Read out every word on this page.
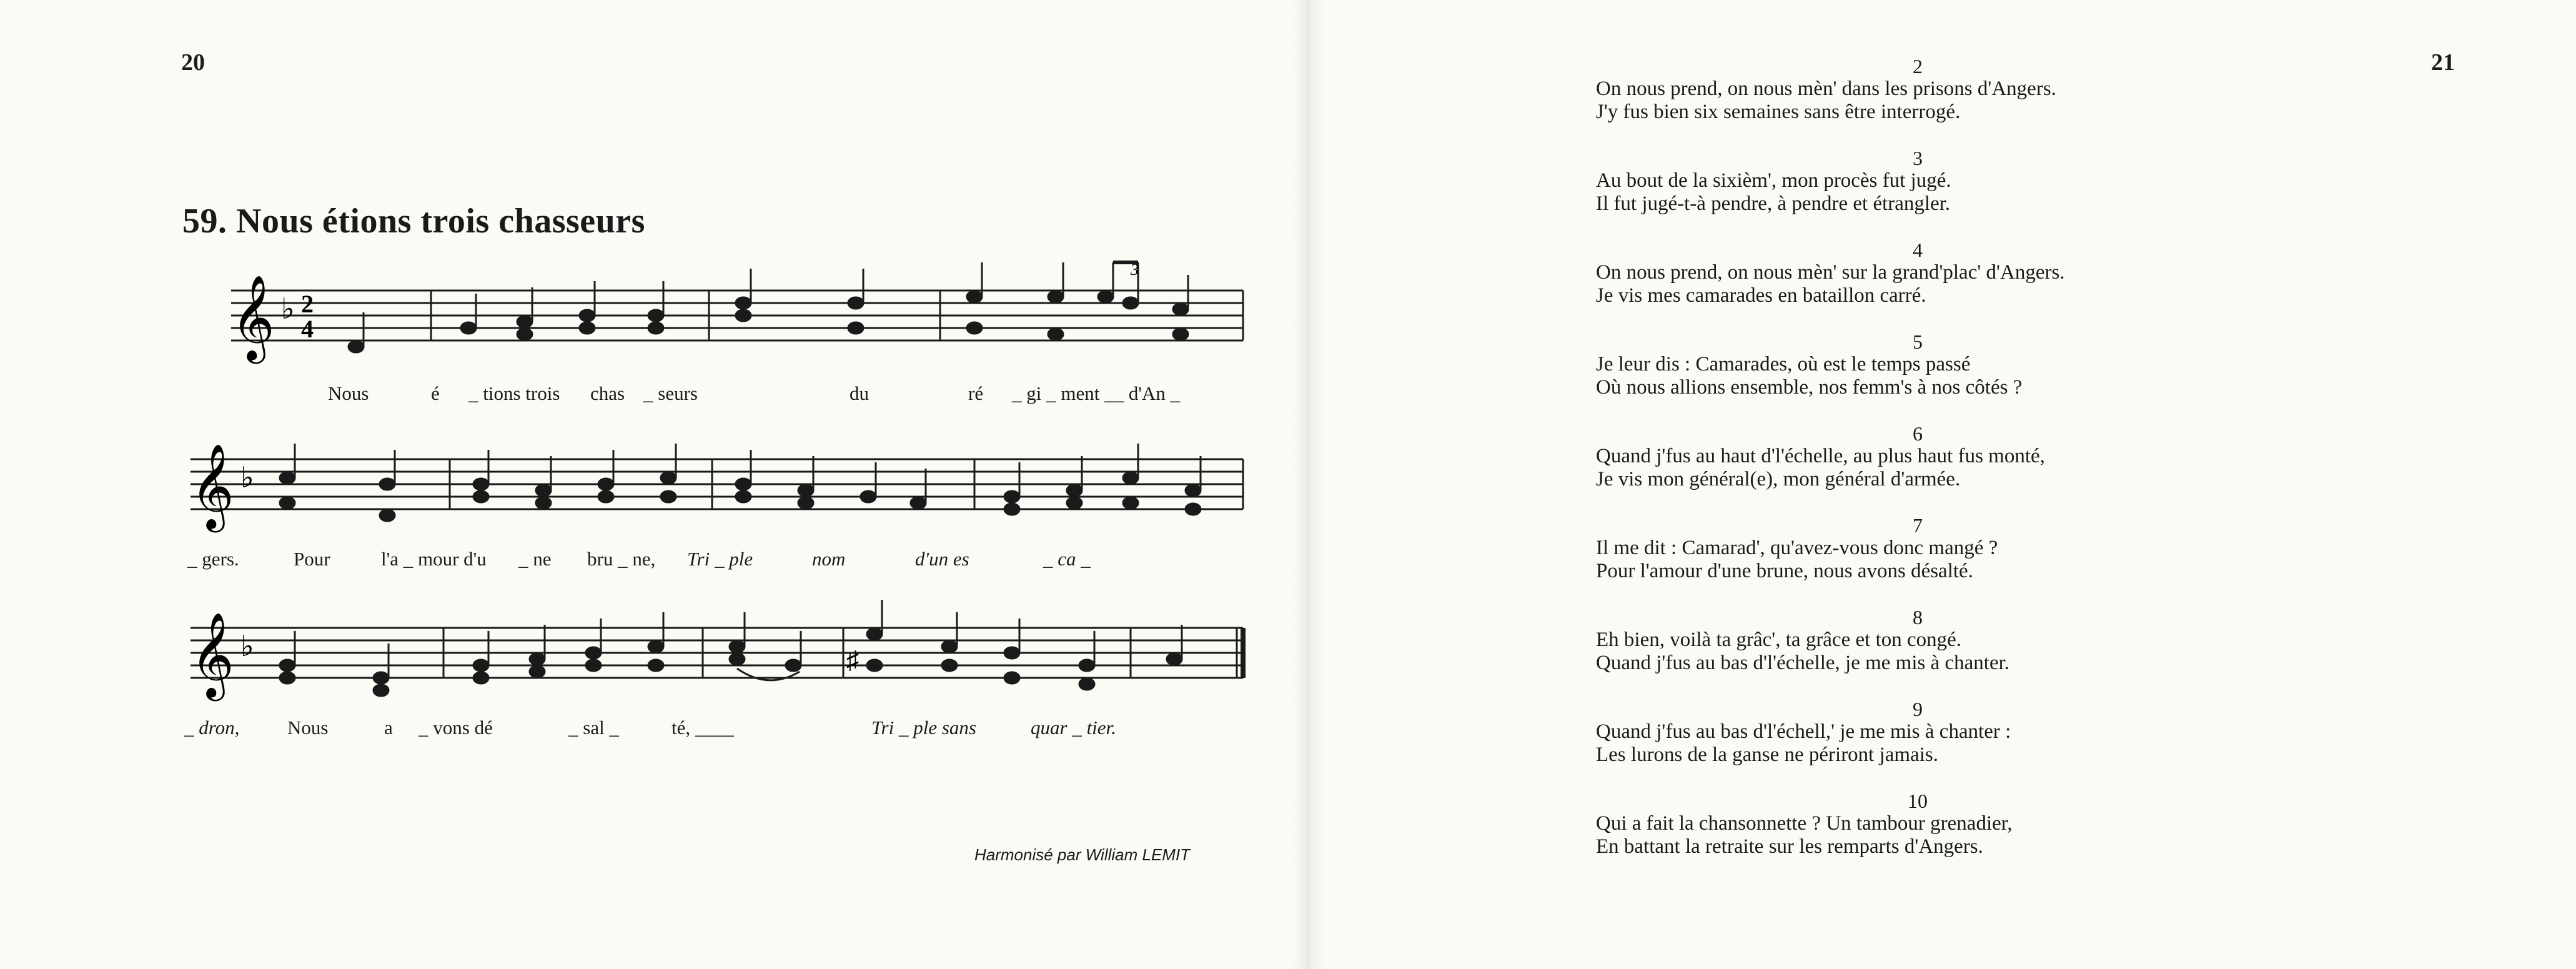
20
59. Nous étions trois chasseurs
𝄞 ♭ 2
4
3
Nous	é _ tions trois chas _ seurs	du	ré _ gi _ ment __ d'An _
𝄞 ♭
_ gers.	Pour	l'a _ mour d'u _ ne bru _ ne, Tri _ ple	nom	d'un es	_ ca _
𝄞 ♭	♯
_ dron, Nous	a _ vons dé	_ sal _	té, ____	Tri _ ple sans	quar _ tier.
Harmonisé par William LEMIT
21
2
On nous prend, on nous mèn' dans les prisons d'Angers.
J'y fus bien six semaines sans être interrogé.
3
Au bout de la sixièm', mon procès fut jugé.
Il fut jugé-t-à pendre, à pendre et étrangler.
4
On nous prend, on nous mèn' sur la grand'plac' d'Angers.
Je vis mes camarades en bataillon carré.
5
Je leur dis : Camarades, où est le temps passé
Où nous allions ensemble, nos femm's à nos côtés ?
6
Quand j'fus au haut d'l'échelle, au plus haut fus monté,
Je vis mon général(e), mon général d'armée.
7
Il me dit : Camarad', qu'avez-vous donc mangé ?
Pour l'amour d'une brune, nous avons désalté.
8
Eh bien, voilà ta grâc', ta grâce et ton congé.
Quand j'fus au bas d'l'échelle, je me mis à chanter.
9
Quand j'fus au bas d'l'échell,' je me mis à chanter :
Les lurons de la ganse ne périront jamais.
10
Qui a fait la chansonnette ? Un tambour grenadier,
En battant la retraite sur les remparts d'Angers.
